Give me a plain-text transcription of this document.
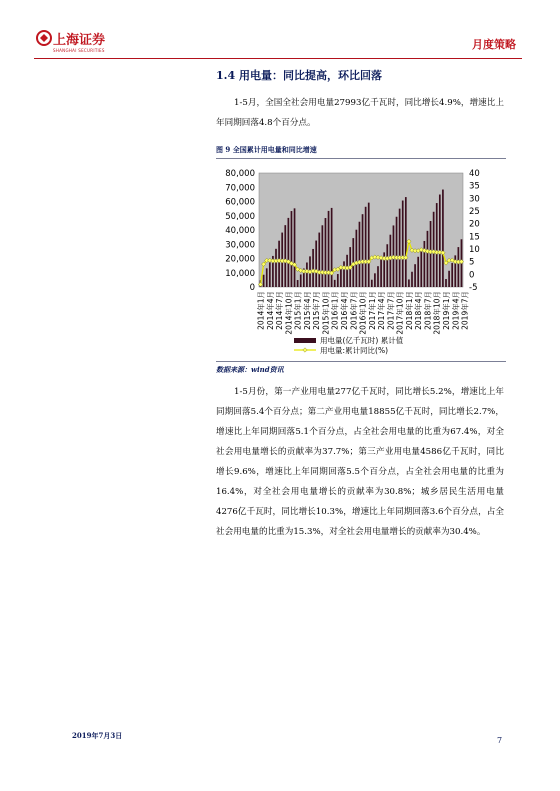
上海证券
SHANGHAI SECURITIES	月度策略
1.4 用电量：同比提高，环比回落
1-5月，全国全社会用电量27993亿千瓦时，同比增长4.9%，增速比上年同期回落4.8个百分点。
图 9 全国累计用电量和同比增速
0
10,000
20,000
30,000
40,000
50,000
60,000
70,000
80,000
-5
0
5
10
15
20
25
30
35
40
2014年1月 2014年4月 2014年7月 2014年10月 2015年1月 2015年4月 2015年7月 2015年10月 2016年1月 2016年4月 2016年7月 2016年10月 2017年1月 2017年4月 2017年7月 2017年10月 2018年1月 2018年4月 2018年7月 2018年10月 2019年1月 2019年4月 2019年7月
用电量(亿千瓦时) 累计值
用电量:累计同比(%)
数据来源：wind资讯
1-5月份，第一产业用电量277亿千瓦时，同比增长5.2%，增速比上年同期回落5.4个百分点；第二产业用电量18855亿千瓦时，同比增长2.7%，增速比上年同期回落5.1个百分点，占全社会用电量的比重为67.4%，对全社会用电量增长的贡献率为37.7%；第三产业用电量4586亿千瓦时，同比增长9.6%，增速比上年同期回落5.5个百分点，占全社会用电量的比重为16.4%，对全社会用电量增长的贡献率为30.8%；城乡居民生活用电量4276亿千瓦时，同比增长10.3%，增速比上年同期回落3.6个百分点，占全社会用电量的比重为15.3%，对全社会用电量增长的贡献率为30.4%。
2019年7月3日
7
